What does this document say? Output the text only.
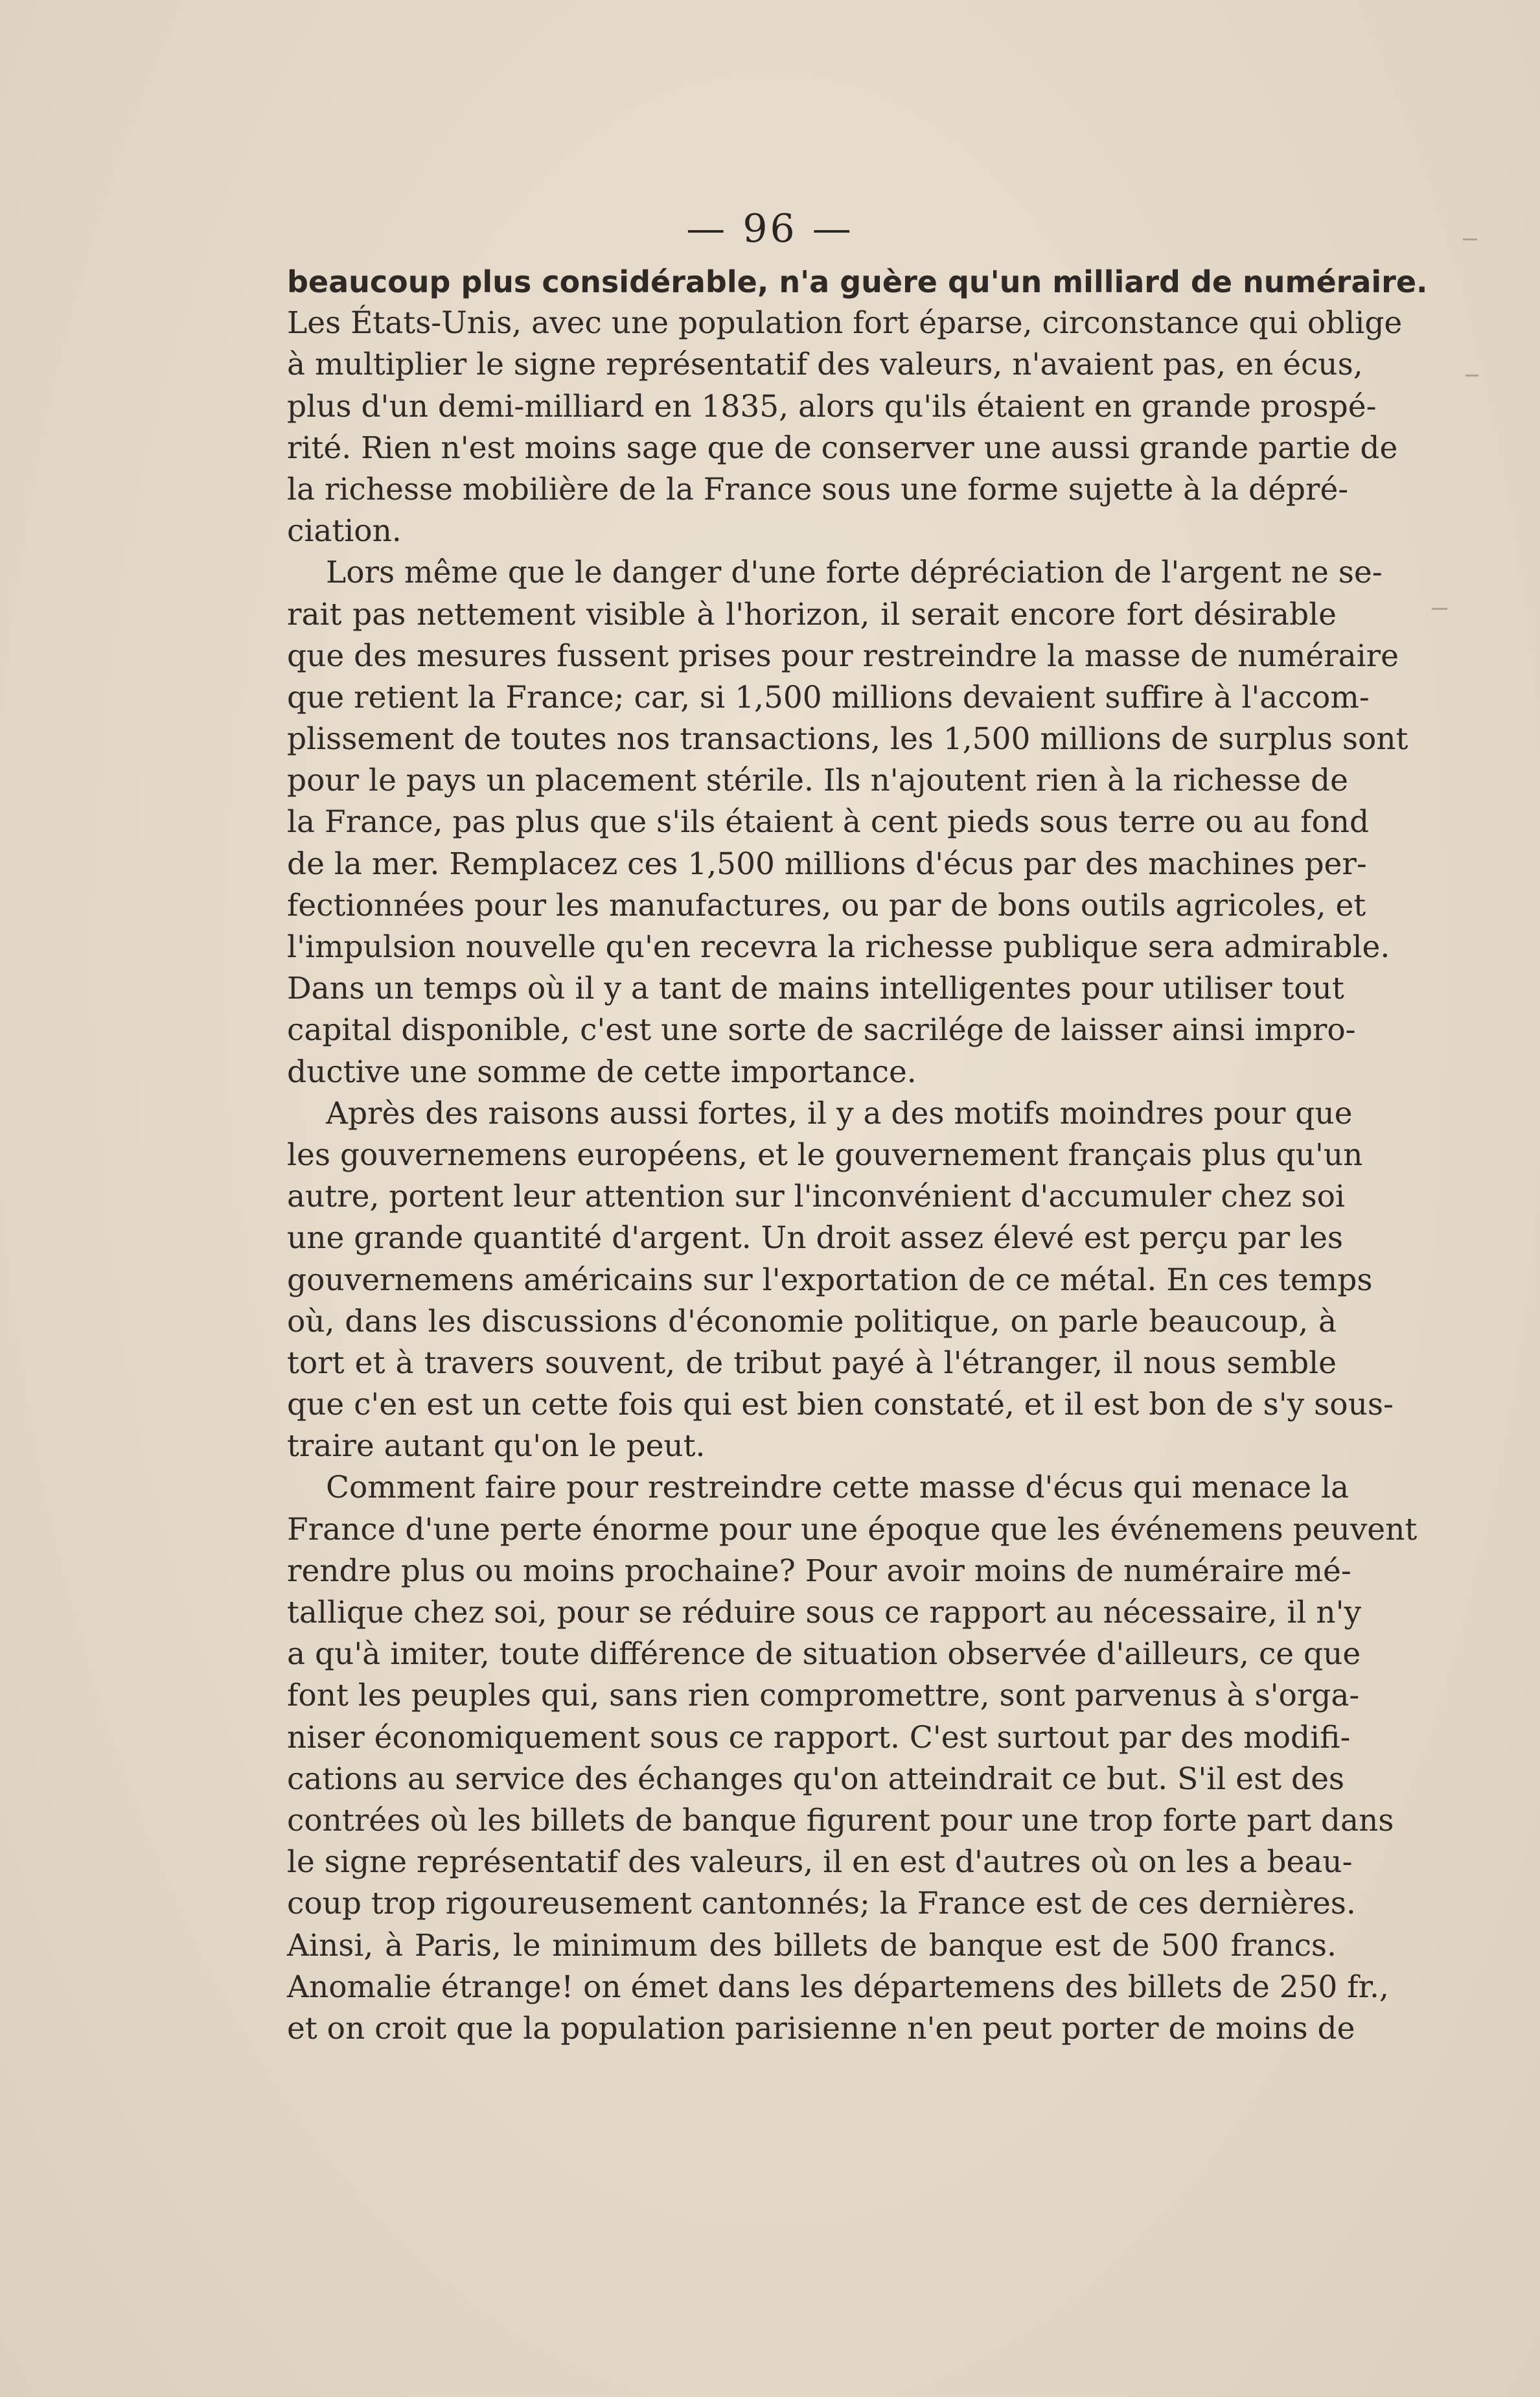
— 96 —
beaucoup plus considérable, n'a guère qu'un milliard de numéraire.
Les États-Unis, avec une population fort éparse, circonstance qui oblige
à multiplier le signe représentatif des valeurs, n'avaient pas, en écus,
plus d'un demi-milliard en 1835, alors qu'ils étaient en grande prospé-
rité. Rien n'est moins sage que de conserver une aussi grande partie de
la richesse mobilière de la France sous une forme sujette à la dépré-
ciation.
Lors même que le danger d'une forte dépréciation de l'argent ne se-
rait pas nettement visible à l'horizon, il serait encore fort désirable
que des mesures fussent prises pour restreindre la masse de numéraire
que retient la France; car, si 1,500 millions devaient suffire à l'accom-
plissement de toutes nos transactions, les 1,500 millions de surplus sont
pour le pays un placement stérile. Ils n'ajoutent rien à la richesse de
la France, pas plus que s'ils étaient à cent pieds sous terre ou au fond
de la mer. Remplacez ces 1,500 millions d'écus par des machines per-
fectionnées pour les manufactures, ou par de bons outils agricoles, et
l'impulsion nouvelle qu'en recevra la richesse publique sera admirable.
Dans un temps où il y a tant de mains intelligentes pour utiliser tout
capital disponible, c'est une sorte de sacrilége de laisser ainsi impro-
ductive une somme de cette importance.
Après des raisons aussi fortes, il y a des motifs moindres pour que
les gouvernemens européens, et le gouvernement français plus qu'un
autre, portent leur attention sur l'inconvénient d'accumuler chez soi
une grande quantité d'argent. Un droit assez élevé est perçu par les
gouvernemens américains sur l'exportation de ce métal. En ces temps
où, dans les discussions d'économie politique, on parle beaucoup, à
tort et à travers souvent, de tribut payé à l'étranger, il nous semble
que c'en est un cette fois qui est bien constaté, et il est bon de s'y sous-
traire autant qu'on le peut.
Comment faire pour restreindre cette masse d'écus qui menace la
France d'une perte énorme pour une époque que les événemens peuvent
rendre plus ou moins prochaine? Pour avoir moins de numéraire mé-
tallique chez soi, pour se réduire sous ce rapport au nécessaire, il n'y
a qu'à imiter, toute différence de situation observée d'ailleurs, ce que
font les peuples qui, sans rien compromettre, sont parvenus à s'orga-
niser économiquement sous ce rapport. C'est surtout par des modifi-
cations au service des échanges qu'on atteindrait ce but. S'il est des
contrées où les billets de banque figurent pour une trop forte part dans
le signe représentatif des valeurs, il en est d'autres où on les a beau-
coup trop rigoureusement cantonnés; la France est de ces dernières.
Ainsi, à Paris, le minimum des billets de banque est de 500 francs.
Anomalie étrange! on émet dans les départemens des billets de 250 fr.,
et on croit que la population parisienne n'en peut porter de moins de
